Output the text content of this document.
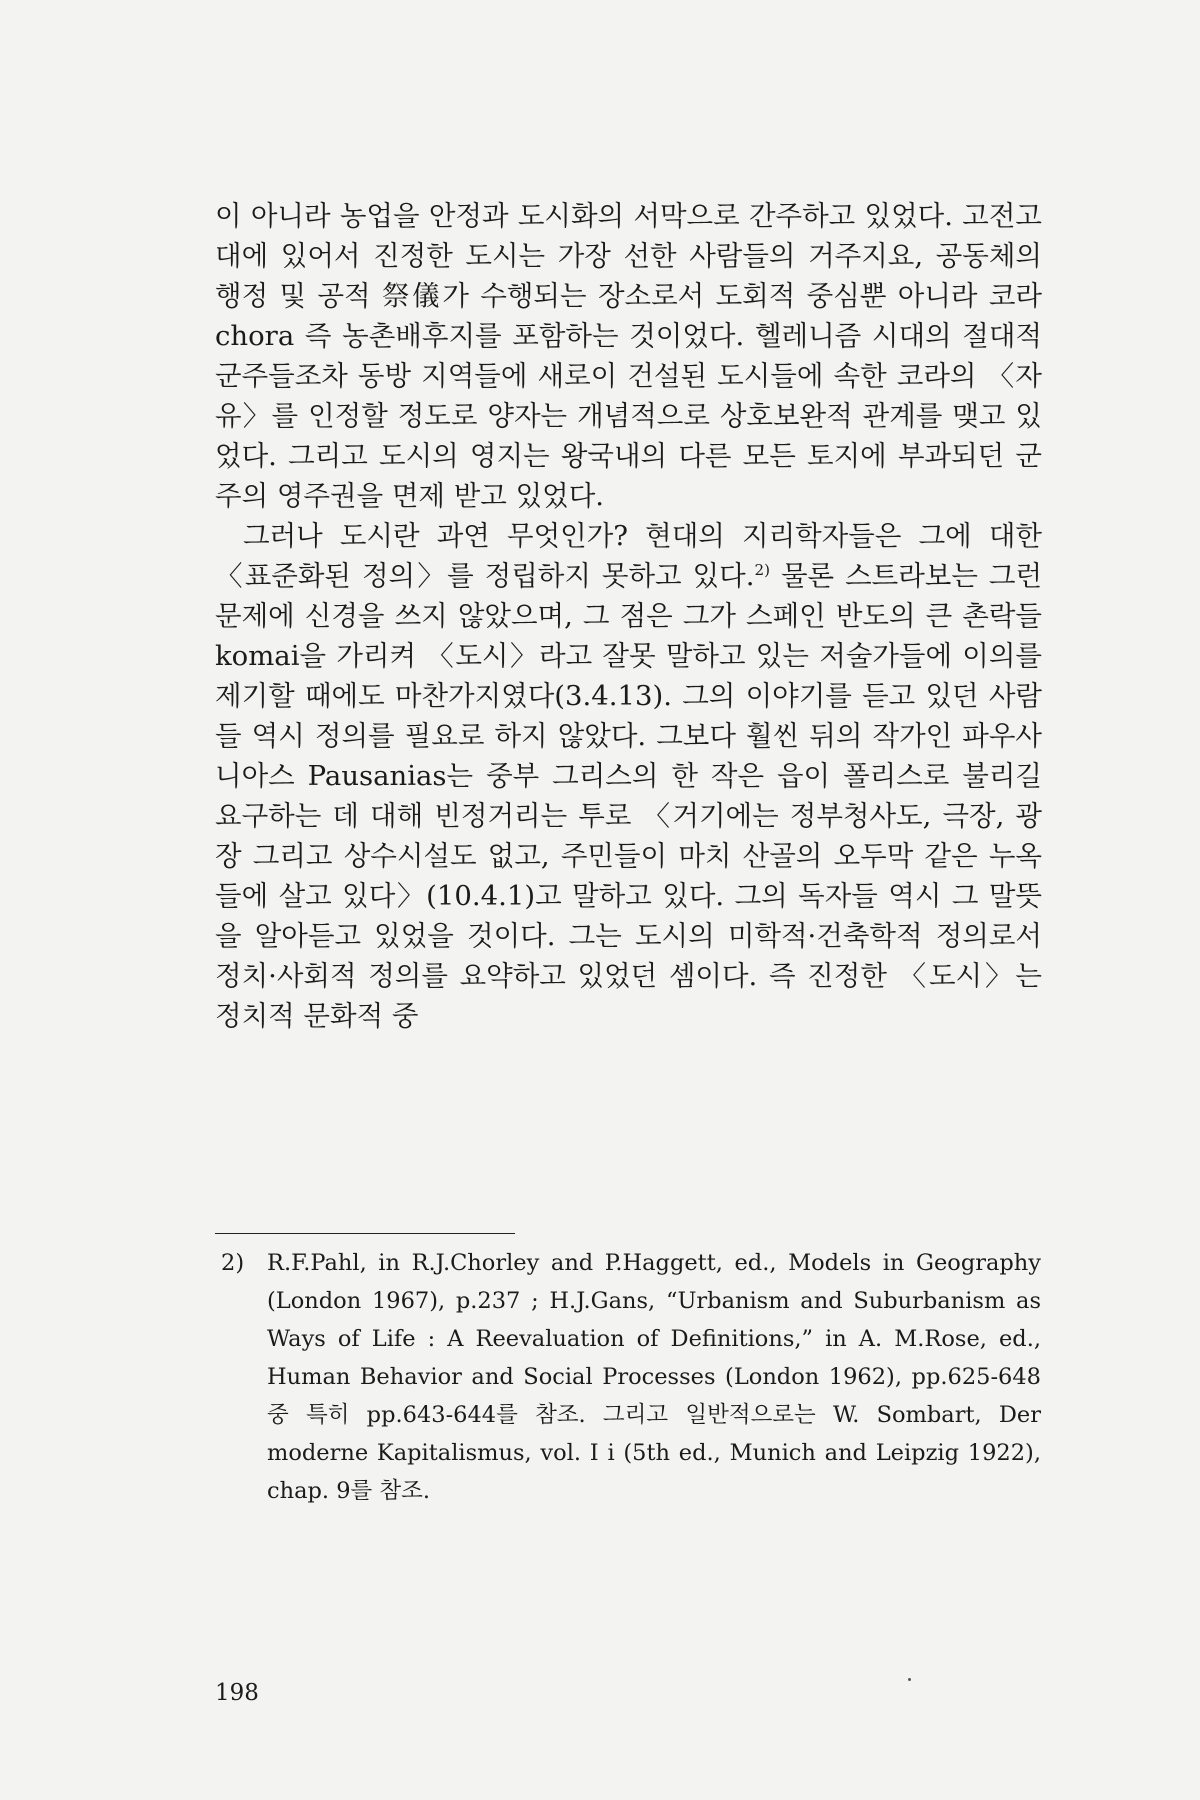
이 아니라 농업을 안정과 도시화의 서막으로 간주하고 있었다. 고전고대에 있어서 진정한 도시는 가장 선한 사람들의 거주지요, 공동체의 행정 및 공적 祭儀가 수행되는 장소로서 도회적 중심뿐 아니라 코라 chora 즉 농촌배후지를 포함하는 것이었다. 헬레니즘 시대의 절대적 군주들조차 동방 지역들에 새로이 건설된 도시들에 속한 코라의 〈자유〉를 인정할 정도로 양자는 개념적으로 상호보완적 관계를 맺고 있었다. 그리고 도시의 영지는 왕국내의 다른 모든 토지에 부과되던 군주의 영주권을 면제 받고 있었다.

그러나 도시란 과연 무엇인가? 현대의 지리학자들은 그에 대한 〈표준화된 정의〉를 정립하지 못하고 있다.$^{2)}$ 물론 스트라보는 그런 문제에 신경을 쓰지 않았으며, 그 점은 그가 스페인 반도의 큰 촌락들 komai을 가리켜 〈도시〉라고 잘못 말하고 있는 저술가들에 이의를 제기할 때에도 마찬가지였다(3.4.13). 그의 이야기를 듣고 있던 사람들 역시 정의를 필요로 하지 않았다. 그보다 훨씬 뒤의 작가인 파우사니아스 Pausanias는 중부 그리스의 한 작은 읍이 폴리스로 불리길 요구하는 데 대해 빈정거리는 투로 〈거기에는 정부청사도, 극장, 광장 그리고 상수시설도 없고, 주민들이 마치 산골의 오두막 같은 누옥들에 살고 있다〉(10.4.1)고 말하고 있다. 그의 독자들 역시 그 말뜻을 알아듣고 있었을 것이다. 그는 도시의 미학적·건축학적 정의로서 정치·사회적 정의를 요약하고 있었던 셈이다. 즉 진정한 〈도시〉는 정치적 문화적 중

2)	R.F.Pahl, in R.J.Chorley and P.Haggett, ed., Models in Geography (London 1967), p.237 ; H.J.Gans, “Urbanism and Suburbanism as Ways of Life : A Reevaluation of Definitions,” in A. M.Rose, ed., Human Behavior and Social Processes (London 1962), pp.625-648 중 특히 pp.643-644를 참조. 그리고 일반적으로는 W. Sombart, Der moderne Kapitalismus, vol. I i (5th ed., Munich and Leipzig 1922), chap. 9를 참조.
198
